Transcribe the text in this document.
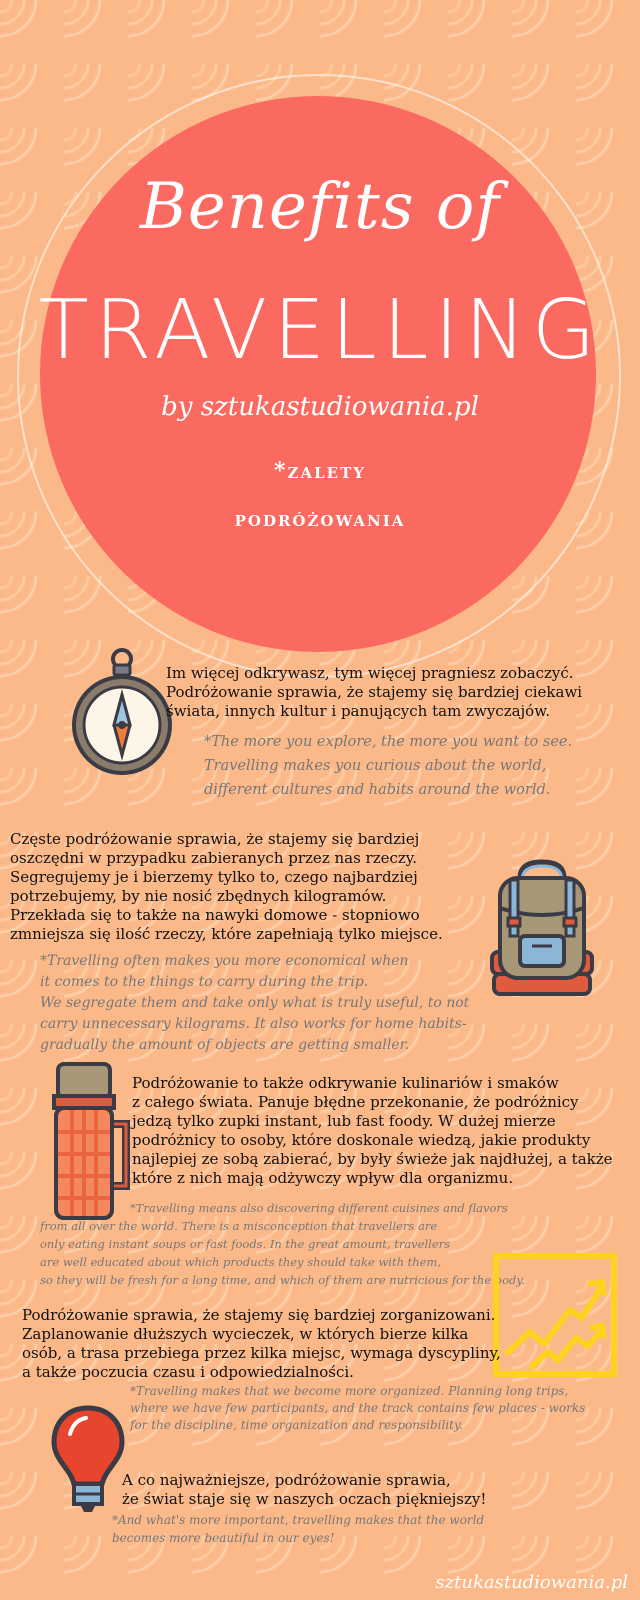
Benefits of
TRAVELLING
by sztukastudiowania.pl
*zalety
podróżowania
Im więcej odkrywasz, tym więcej pragniesz zobaczyć.
Podróżowanie sprawia, że stajemy się bardziej ciekawi
świata, innych kultur i panujących tam zwyczajów.
*The more you explore, the more you want to see.
Travelling makes you curious about the world,
different cultures and habits around the world.
Częste podróżowanie sprawia, że stajemy się bardziej
oszczędni w przypadku zabieranych przez nas rzeczy.
Segregujemy je i bierzemy tylko to, czego najbardziej
potrzebujemy, by nie nosić zbędnych kilogramów.
Przekłada się to także na nawyki domowe - stopniowo
zmniejsza się ilość rzeczy, które zapełniają tylko miejsce.
*Travelling often makes you more economical when
it comes to the things to carry during the trip.
We segregate them and take only what is truly useful, to not
carry unnecessary kilograms. It also works for home habits-
gradually the amount of objects are getting smaller.
Podróżowanie to także odkrywanie kulinariów i smaków
z całego świata. Panuje błędne przekonanie, że podróżnicy
jedzą tylko zupki instant, lub fast foody. W dużej mierze
podróżnicy to osoby, które doskonale wiedzą, jakie produkty
najlepiej ze sobą zabierać, by były świeże jak najdłużej, a także
które z nich mają odżywczy wpływ dla organizmu.
*Travelling means also discovering different cuisines and flavors
from all over the world. There is a misconception that travellers are
only eating instant soups or fast foods. In the great amount, travellers
are well educated about which products they should take with them,
so they will be fresh for a long time, and which of them are nutricious for the body.
Podróżowanie sprawia, że stajemy się bardziej zorganizowani.
Zaplanowanie dłuższych wycieczek, w których bierze kilka
osób, a trasa przebiega przez kilka miejsc, wymaga dyscypliny,
a także poczucia czasu i odpowiedzialności.
*Travelling makes that we become more organized. Planning long trips,
where we have few participants, and the track contains few places - works
for the discipline, time organization and responsibility.
A co najważniejsze, podróżowanie sprawia,
że świat staje się w naszych oczach piękniejszy!
*And what's more important, travelling makes that the world
becomes more beautiful in our eyes!
sztukastudiowania.pl
